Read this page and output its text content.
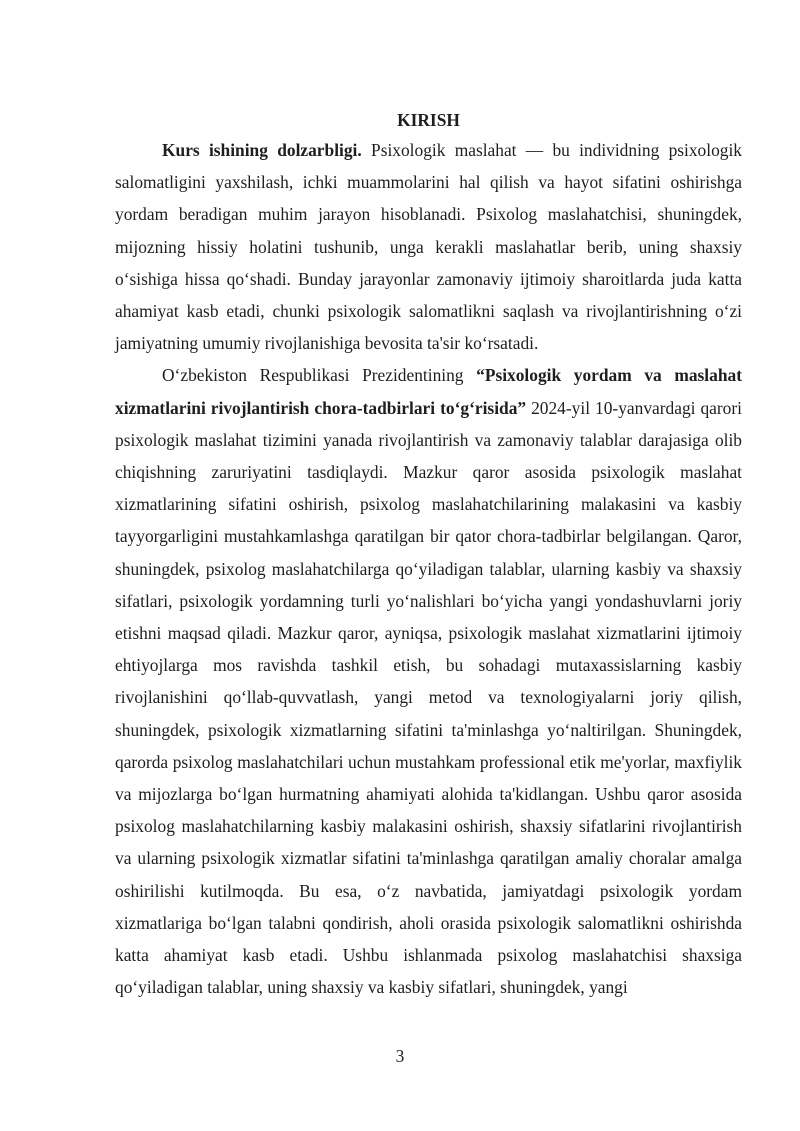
KIRISH

Kurs ishining dolzarbligi. Psixologik maslahat — bu individning psixologik salomatligini yaxshilash, ichki muammolarini hal qilish va hayot sifatini oshirishga yordam beradigan muhim jarayon hisoblanadi. Psixolog maslahatchisi, shuningdek, mijozning hissiy holatini tushunib, unga kerakli maslahatlar berib, uning shaxsiy o‘sishiga hissa qo‘shadi. Bunday jarayonlar zamonaviy ijtimoiy sharoitlarda juda katta ahamiyat kasb etadi, chunki psixologik salomatlikni saqlash va rivojlantirishning o‘zi jamiyatning umumiy rivojlanishiga bevosita ta'sir ko‘rsatadi.

O‘zbekiston Respublikasi Prezidentining “Psixologik yordam va maslahat xizmatlarini rivojlantirish chora-tadbirlari to‘g‘risida” 2024-yil 10-yanvardagi qarori psixologik maslahat tizimini yanada rivojlantirish va zamonaviy talablar darajasiga olib chiqishning zaruriyatini tasdiqlaydi. Mazkur qaror asosida psixologik maslahat xizmatlarining sifatini oshirish, psixolog maslahatchilarining malakasini va kasbiy tayyorgarligini mustahkamlashga qaratilgan bir qator chora-tadbirlar belgilangan. Qaror, shuningdek, psixolog maslahatchilarga qo‘yiladigan talablar, ularning kasbiy va shaxsiy sifatlari, psixologik yordamning turli yo‘nalishlari bo‘yicha yangi yondashuvlarni joriy etishni maqsad qiladi. Mazkur qaror, ayniqsa, psixologik maslahat xizmatlarini ijtimoiy ehtiyojlarga mos ravishda tashkil etish, bu sohadagi mutaxassislarning kasbiy rivojlanishini qo‘llab-quvvatlash, yangi metod va texnologiyalarni joriy qilish, shuningdek, psixologik xizmatlarning sifatini ta'minlashga yo‘naltirilgan. Shuningdek, qarorda psixolog maslahatchilari uchun mustahkam professional etik me'yorlar, maxfiylik va mijozlarga bo‘lgan hurmatning ahamiyati alohida ta'kidlangan. Ushbu qaror asosida psixolog maslahatchilarning kasbiy malakasini oshirish, shaxsiy sifatlarini rivojlantirish va ularning psixologik xizmatlar sifatini ta'minlashga qaratilgan amaliy choralar amalga oshirilishi kutilmoqda. Bu esa, o‘z navbatida, jamiyatdagi psixologik yordam xizmatlariga bo‘lgan talabni qondirish, aholi orasida psixologik salomatlikni oshirishda katta ahamiyat kasb etadi. Ushbu ishlanmada psixolog maslahatchisi shaxsiga qo‘yiladigan talablar, uning shaxsiy va kasbiy sifatlari, shuningdek, yangi

3
